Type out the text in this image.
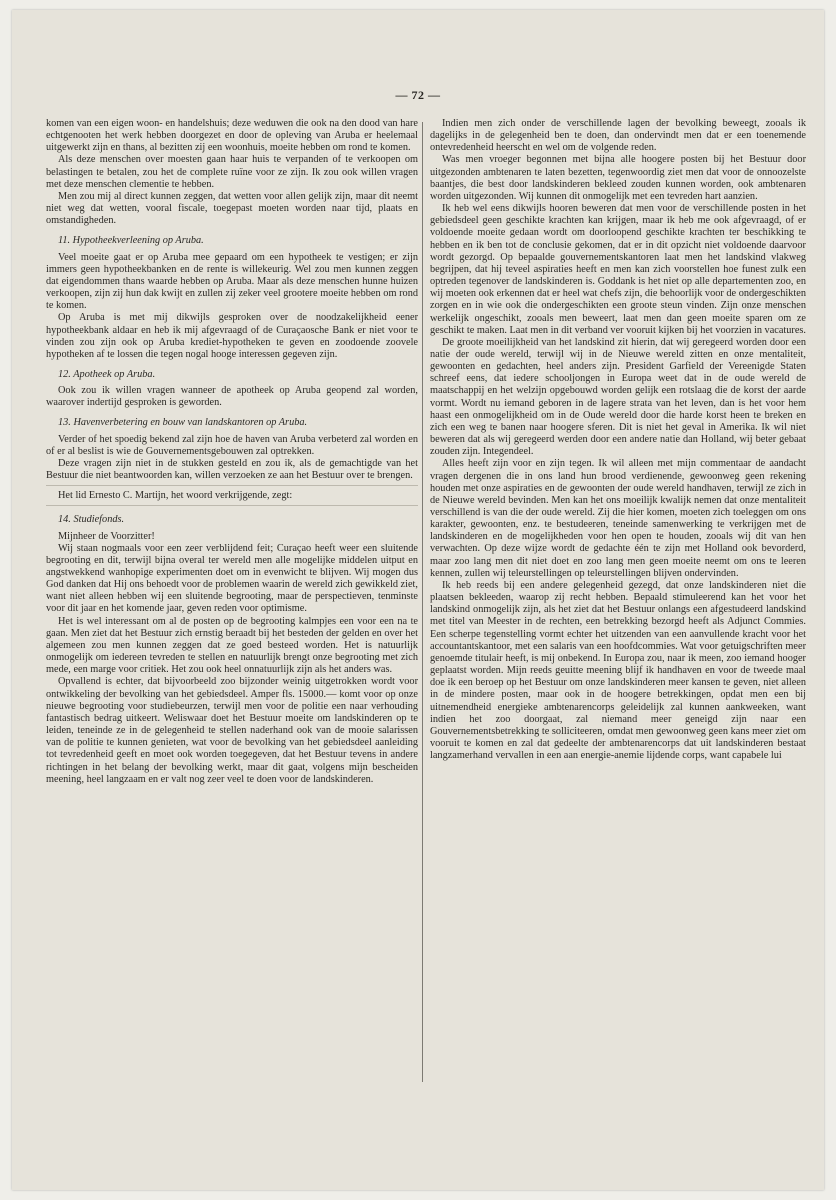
— 72 —

komen van een eigen woon- en handelshuis; deze weduwen die ook na den dood van hare echtgenooten het werk hebben doorgezet en door de opleving van Aruba er heelemaal uitgewerkt zijn en thans, al bezitten zij een woonhuis, moeite hebben om rond te komen.

Als deze menschen over moesten gaan haar huis te verpanden of te verkoopen om belastingen te betalen, zou het de complete ruïne voor ze zijn. Ik zou ook willen vragen met deze menschen clementie te hebben.

Men zou mij al direct kunnen zeggen, dat wetten voor allen gelijk zijn, maar dit neemt niet weg dat wetten, vooral fiscale, toegepast moeten worden naar tijd, plaats en omstandigheden.

11. Hypotheekverleening op Aruba.

Veel moeite gaat er op Aruba mee gepaard om een hypotheek te vestigen; er zijn immers geen hypotheekbanken en de rente is willekeurig. Wel zou men kunnen zeggen dat eigendommen thans waarde hebben op Aruba. Maar als deze menschen hunne huizen verkoopen, zijn zij hun dak kwijt en zullen zij zeker veel grootere moeite hebben om rond te komen.

Op Aruba is met mij dikwijls gesproken over de noodzakelijkheid eener hypotheekbank aldaar en heb ik mij afgevraagd of de Curaçaosche Bank er niet voor te vinden zou zijn ook op Aruba krediet-hypotheken te geven en zoodoende zoovele hypotheken af te lossen die tegen nogal hooge interessen gegeven zijn.

12. Apotheek op Aruba.

Ook zou ik willen vragen wanneer de apotheek op Aruba geopend zal worden, waarover indertijd gesproken is geworden.

13. Havenverbetering en bouw van landskantoren op Aruba.

Verder of het spoedig bekend zal zijn hoe de haven van Aruba verbeterd zal worden en of er al beslist is wie de Gouvernementsgebouwen zal optrekken.

Deze vragen zijn niet in de stukken gesteld en zou ik, als de gemachtigde van het Bestuur die niet beantwoorden kan, willen verzoeken ze aan het Bestuur over te brengen.

Het lid Ernesto C. Martijn, het woord verkrijgende, zegt:

14. Studiefonds.

Mijnheer de Voorzitter!

Wij staan nogmaals voor een zeer verblijdend feit; Curaçao heeft weer een sluitende begrooting en dit, terwijl bijna overal ter wereld men alle mogelijke middelen uitput en angstwekkend wanhopige experimenten doet om in evenwicht te blijven. Wij mogen dus God danken dat Hij ons behoedt voor de problemen waarin de wereld zich gewikkeld ziet, want niet alleen hebben wij een sluitende begrooting, maar de perspectieven, tenminste voor dit jaar en het komende jaar, geven reden voor optimisme.

Het is wel interessant om al de posten op de begrooting kalmpjes een voor een na te gaan. Men ziet dat het Bestuur zich ernstig beraadt bij het besteden der gelden en over het algemeen zou men kunnen zeggen dat ze goed besteed worden. Het is natuurlijk onmogelijk om iedereen tevreden te stellen en natuurlijk brengt onze begrooting met zich mede, een marge voor critiek. Het zou ook heel onnatuurlijk zijn als het anders was.

Opvallend is echter, dat bijvoorbeeld zoo bijzonder weinig uitgetrokken wordt voor ontwikkeling der bevolking van het gebiedsdeel. Amper fls. 15000.— komt voor op onze nieuwe begrooting voor studiebeurzen, terwijl men voor de politie een naar verhouding fantastisch bedrag uitkeert. Weliswaar doet het Bestuur moeite om landskinderen op te leiden, teneinde ze in de gelegenheid te stellen naderhand ook van de mooie salarissen van de politie te kunnen genieten, wat voor de bevolking van het gebiedsdeel aanleiding tot tevredenheid geeft en moet ook worden toegegeven, dat het Bestuur tevens in andere richtingen in het belang der bevolking werkt, maar dit gaat, volgens mijn bescheiden meening, heel langzaam en er valt nog zeer veel te doen voor de landskinderen.

Indien men zich onder de verschillende lagen der bevolking beweegt, zooals ik dagelijks in de gelegenheid ben te doen, dan ondervindt men dat er een toenemende ontevredenheid heerscht en wel om de volgende reden.

Was men vroeger begonnen met bijna alle hoogere posten bij het Bestuur door uitgezonden ambtenaren te laten bezetten, tegenwoordig ziet men dat voor de onnoozelste baantjes, die best door landskinderen bekleed zouden kunnen worden, ook ambtenaren worden uitgezonden. Wij kunnen dit onmogelijk met een tevreden hart aanzien.

Ik heb wel eens dikwijls hooren beweren dat men voor de verschillende posten in het gebiedsdeel geen geschikte krachten kan krijgen, maar ik heb me ook afgevraagd, of er voldoende moeite gedaan wordt om doorloopend geschikte krachten ter beschikking te hebben en ik ben tot de conclusie gekomen, dat er in dit opzicht niet voldoende daarvoor wordt gezorgd. Op bepaalde gouvernementskantoren laat men het landskind vlakweg begrijpen, dat hij teveel aspiraties heeft en men kan zich voorstellen hoe funest zulk een optreden tegenover de landskinderen is. Goddank is het niet op alle departementen zoo, en wij moeten ook erkennen dat er heel wat chefs zijn, die behoorlijk voor de ondergeschikten zorgen en in wie ook die ondergeschikten een groote steun vinden. Zijn onze menschen werkelijk ongeschikt, zooals men beweert, laat men dan geen moeite sparen om ze geschikt te maken. Laat men in dit verband ver vooruit kijken bij het voorzien in vacatures.

De groote moeilijkheid van het landskind zit hierin, dat wij geregeerd worden door een natie der oude wereld, terwijl wij in de Nieuwe wereld zitten en onze mentaliteit, gewoonten en gedachten, heel anders zijn. President Garfield der Vereenigde Staten schreef eens, dat iedere schooljongen in Europa weet dat in de oude wereld de maatschappij en het welzijn opgebouwd worden gelijk een rotslaag die de korst der aarde vormt. Wordt nu iemand geboren in de lagere strata van het leven, dan is het voor hem haast een onmogelijkheid om in de Oude wereld door die harde korst heen te breken en zich een weg te banen naar hoogere sferen. Dit is niet het geval in Amerika. Ik wil niet beweren dat als wij geregeerd werden door een andere natie dan Holland, wij beter gebaat zouden zijn. Integendeel.

Alles heeft zijn voor en zijn tegen. Ik wil alleen met mijn commentaar de aandacht vragen dergenen die in ons land hun brood verdienende, gewoonweg geen rekening houden met onze aspiraties en de gewoonten der oude wereld handhaven, terwijl ze zich in de Nieuwe wereld bevinden. Men kan het ons moeilijk kwalijk nemen dat onze mentaliteit verschillend is van die der oude wereld. Zij die hier komen, moeten zich toeleggen om ons karakter, gewoonten, enz. te bestudeeren, teneinde samenwerking te verkrijgen met de landskinderen en de mogelijkheden voor hen open te houden, zooals wij dit van hen verwachten. Op deze wijze wordt de gedachte één te zijn met Holland ook bevorderd, maar zoo lang men dit niet doet en zoo lang men geen moeite neemt om ons te leeren kennen, zullen wij teleurstellingen op teleurstellingen blijven ondervinden.

Ik heb reeds bij een andere gelegenheid gezegd, dat onze landskinderen niet die plaatsen bekleeden, waarop zij recht hebben. Bepaald stimuleerend kan het voor het landskind onmogelijk zijn, als het ziet dat het Bestuur onlangs een afgestudeerd landskind met titel van Meester in de rechten, een betrekking bezorgd heeft als Adjunct Commies. Een scherpe tegenstelling vormt echter het uitzenden van een aanvullende kracht voor het accountantskantoor, met een salaris van een hoofdcommies. Wat voor getuigschriften meer genoemde titulair heeft, is mij onbekend. In Europa zou, naar ik meen, zoo iemand hooger geplaatst worden. Mijn reeds geuitte meening blijf ik handhaven en voor de tweede maal doe ik een beroep op het Bestuur om onze landskinderen meer kansen te geven, niet alleen in de mindere posten, maar ook in de hoogere betrekkingen, opdat men een bij uitnemendheid energieke ambtenarencorps geleidelijk zal kunnen aankweeken, want indien het zoo doorgaat, zal niemand meer geneigd zijn naar een Gouvernementsbetrekking te solliciteeren, omdat men gewoonweg geen kans meer ziet om vooruit te komen en zal dat gedeelte der ambtenarencorps dat uit landskinderen bestaat langzamerhand vervallen in een aan energie-anemie lijdende corps, want capabele lui
